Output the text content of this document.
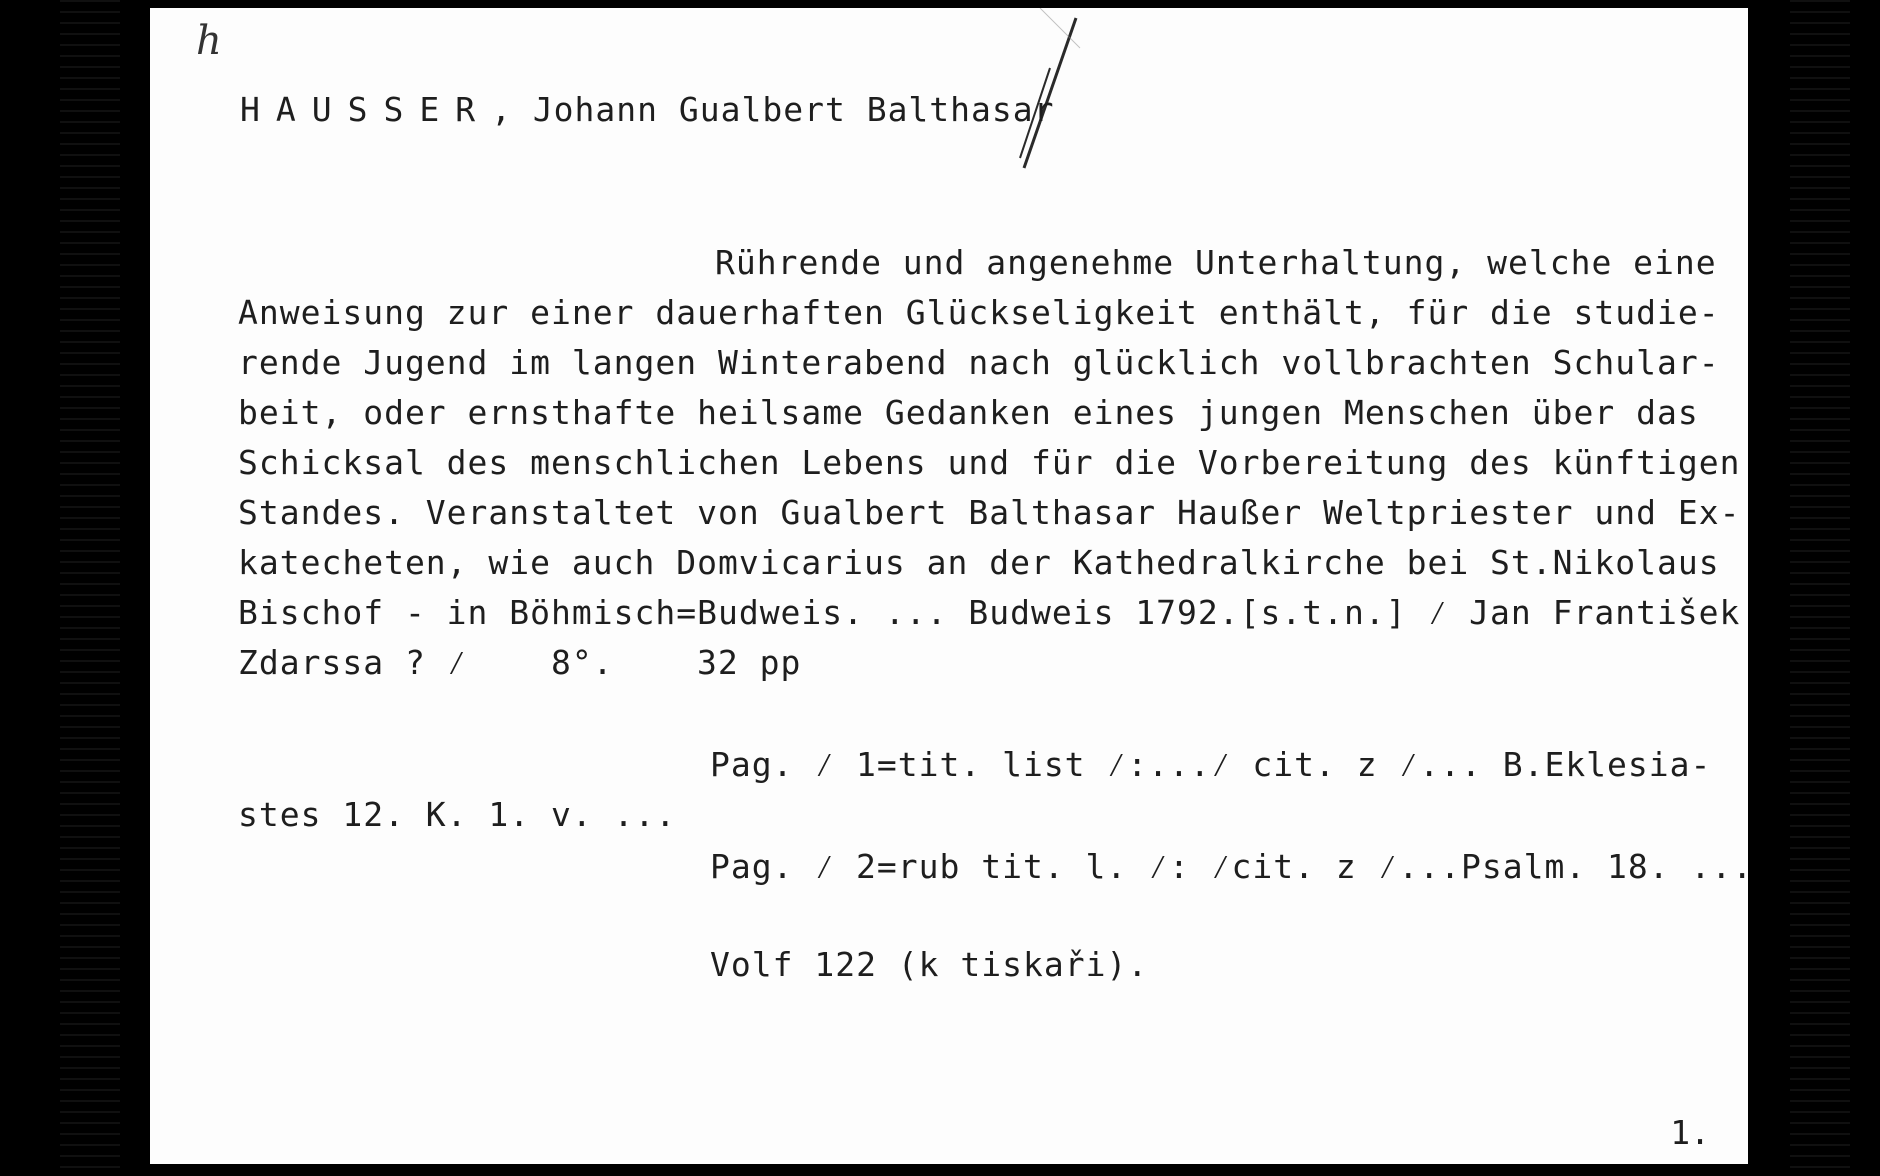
h
HAUSSER, Johann Gualbert Balthasar
Rührende und angenehme Unterhaltung, welche eine
Anweisung zur einer dauerhaften Glückseligkeit enthält, für die studie-
rende Jugend im langen Winterabend nach glücklich vollbrachten Schular-
beit, oder ernsthafte heilsame Gedanken eines jungen Menschen über das
Schicksal des menschlichen Lebens und für die Vorbereitung des künftigen
Standes. Veranstaltet von Gualbert Balthasar Haußer Weltpriester und Ex-
katecheten, wie auch Domvicarius an der Kathedralkirche bei St.Nikolaus
Bischof - in Böhmisch=Budweis. ... Budweis 1792.[s.t.n.] ⁄ Jan František
Zdarssa ? ⁄    8°.    32 pp
Pag. ⁄ 1=tit. list ⁄:...⁄ cit. z ⁄... B.Eklesia-
stes 12. K. 1. v. ...
Pag. ⁄ 2=rub tit. l. ⁄: ⁄cit. z ⁄...Psalm. 18. ...
Volf 122 (k tiskaři).
1.
